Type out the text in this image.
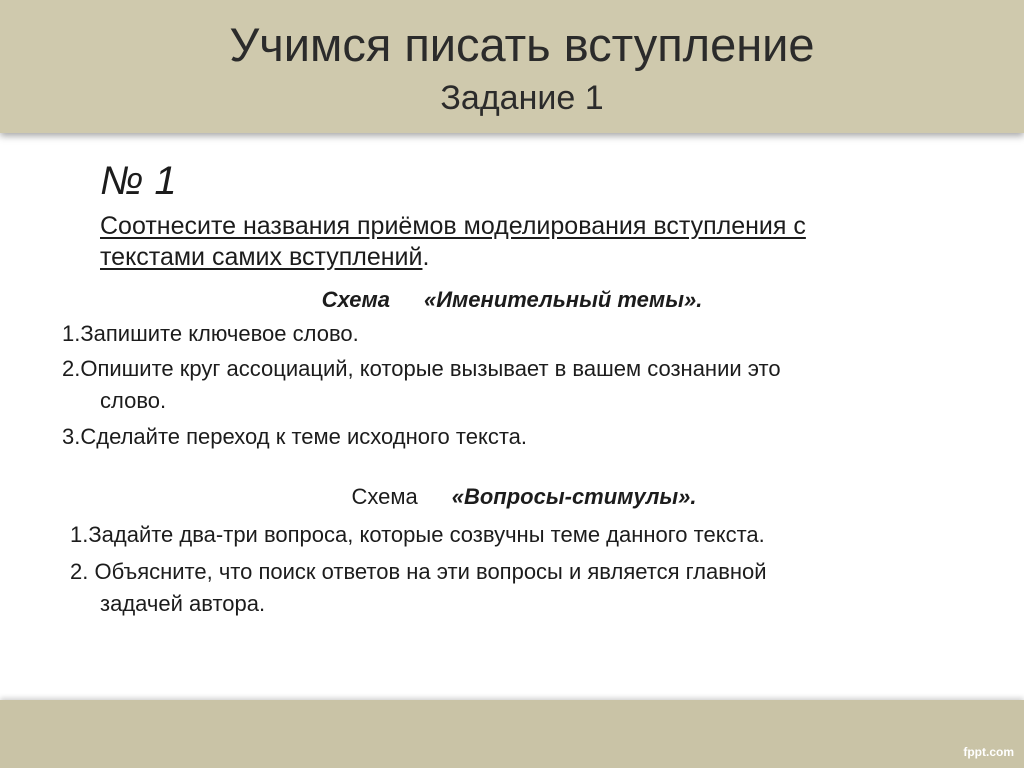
Учимся писать вступление
Задание 1
№ 1
Соотнесите названия приёмов моделирования вступления с
текстами самих вступлений.
Схема «Именительный темы».
1.Запишите ключевое слово.
2.Опишите круг ассоциаций, которые вызывает в вашем сознании это
слово.
3.Сделайте переход к теме исходного текста.
Схема «Вопросы-стимулы».
1.Задайте два-три вопроса, которые созвучны теме данного текста.
2. Объясните, что поиск ответов на эти вопросы и является главной
задачей автора.
fppt.com
